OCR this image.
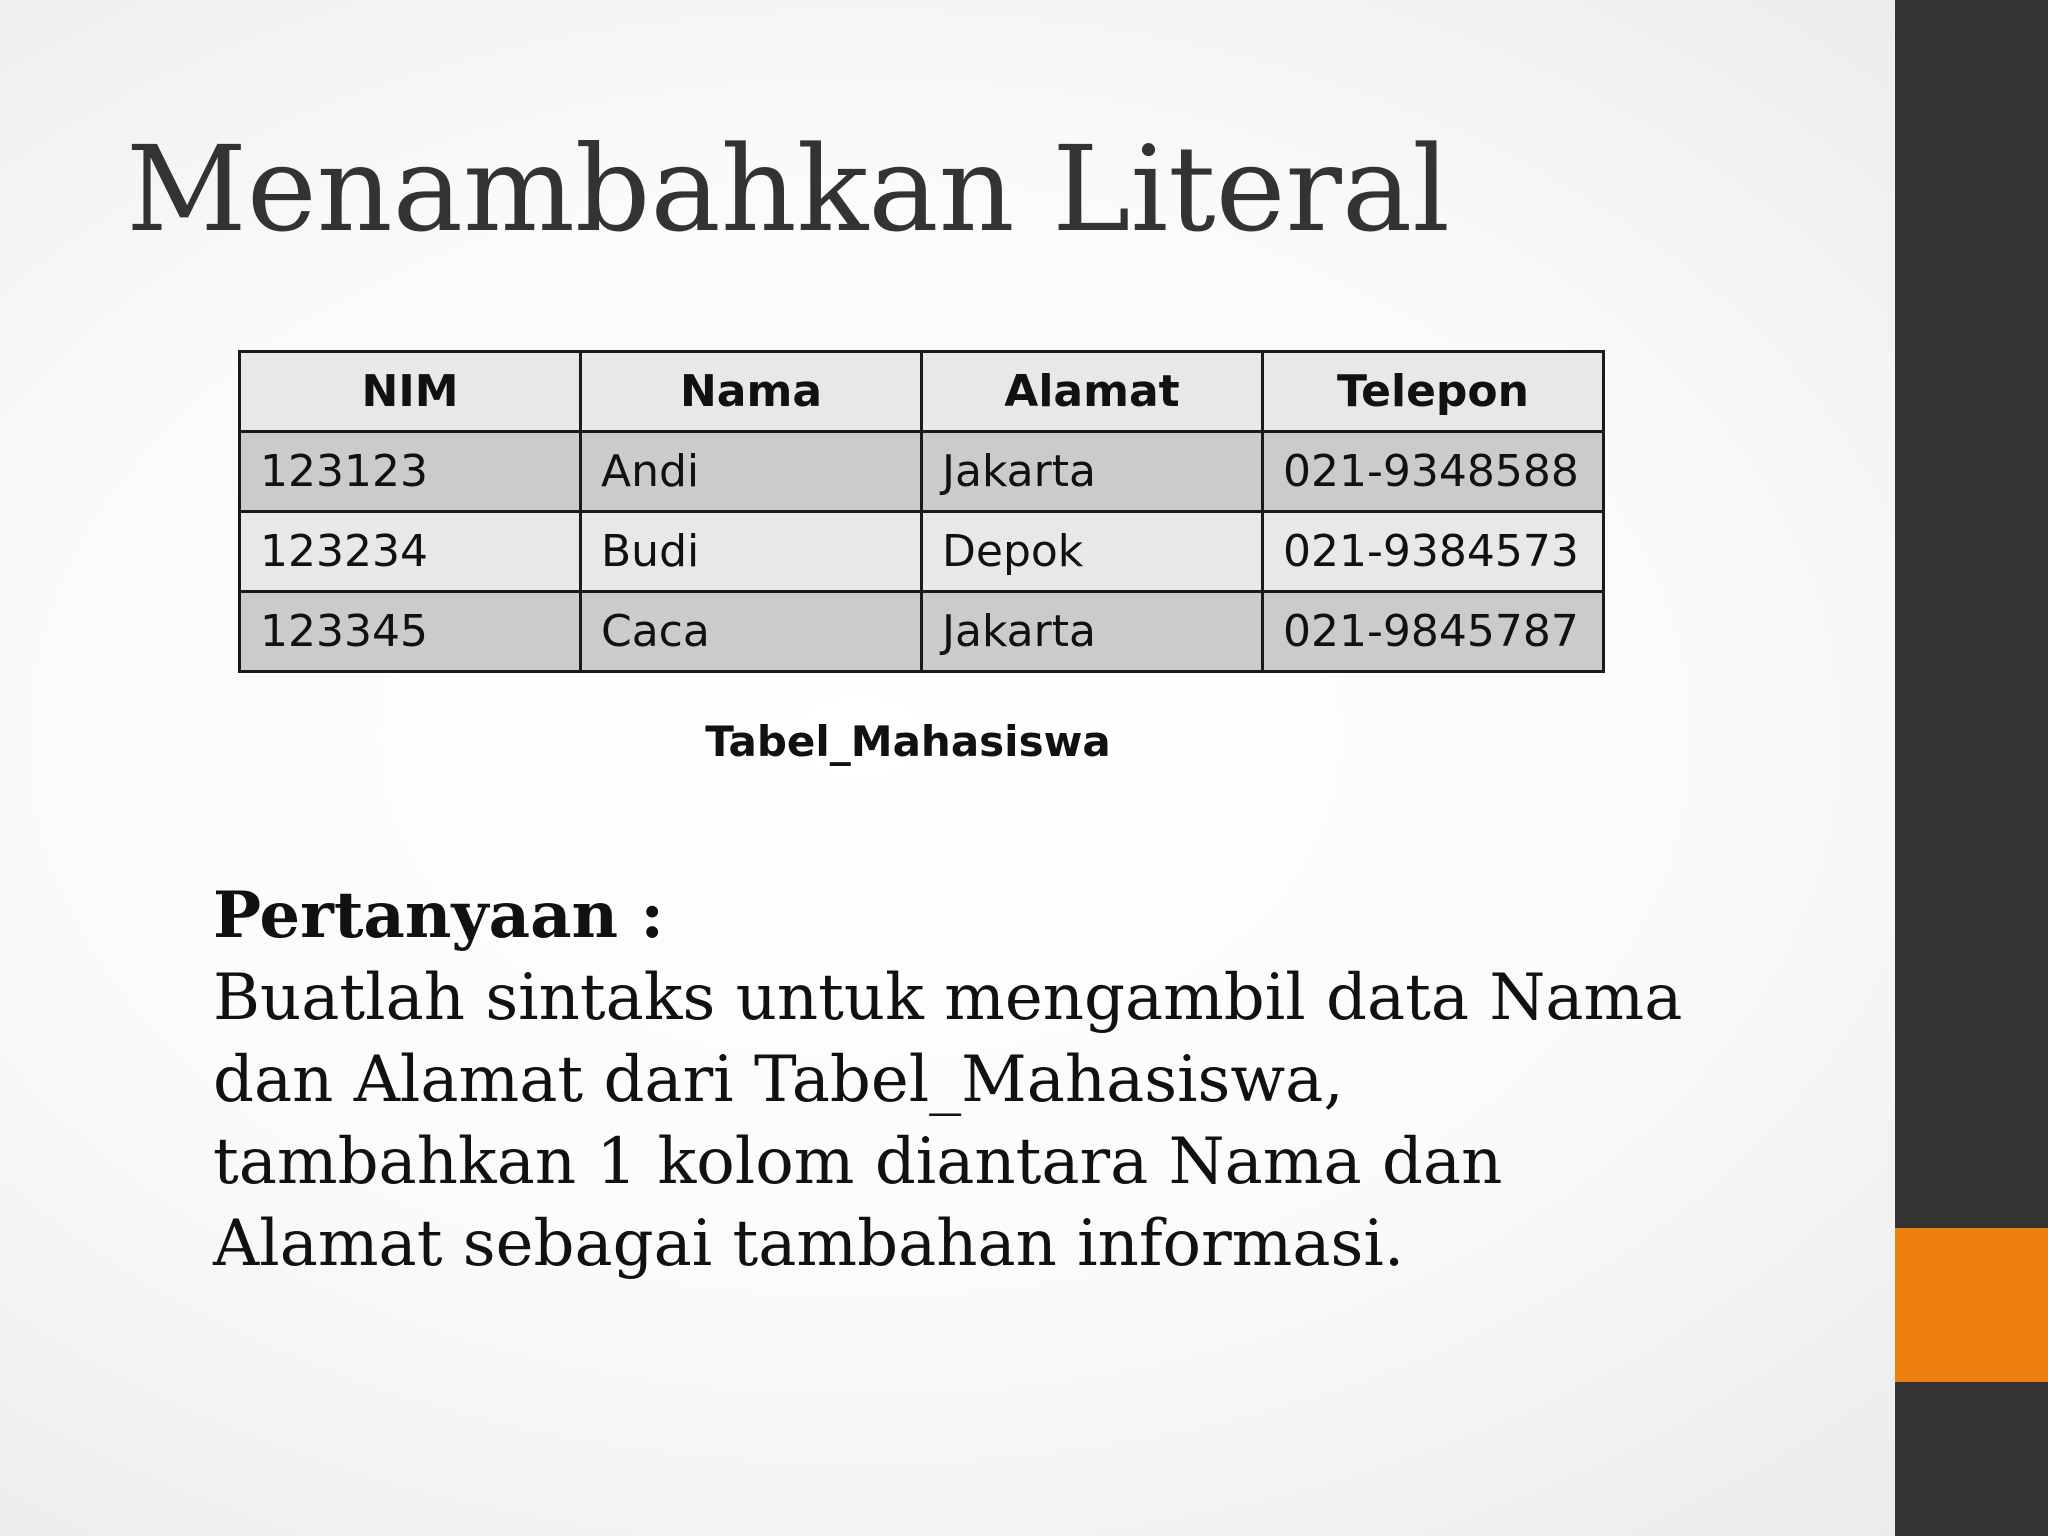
Menambahkan Literal
NIM	Nama	Alamat	Telepon
123123	Andi	Jakarta	021-9348588
123234	Budi	Depok	021-9384573
123345	Caca	Jakarta	021-9845787
Tabel_Mahasiswa

Pertanyaan :
Buatlah sintaks untuk mengambil data Nama dan Alamat dari Tabel_Mahasiswa, tambahkan 1 kolom diantara Nama dan Alamat sebagai tambahan informasi.
